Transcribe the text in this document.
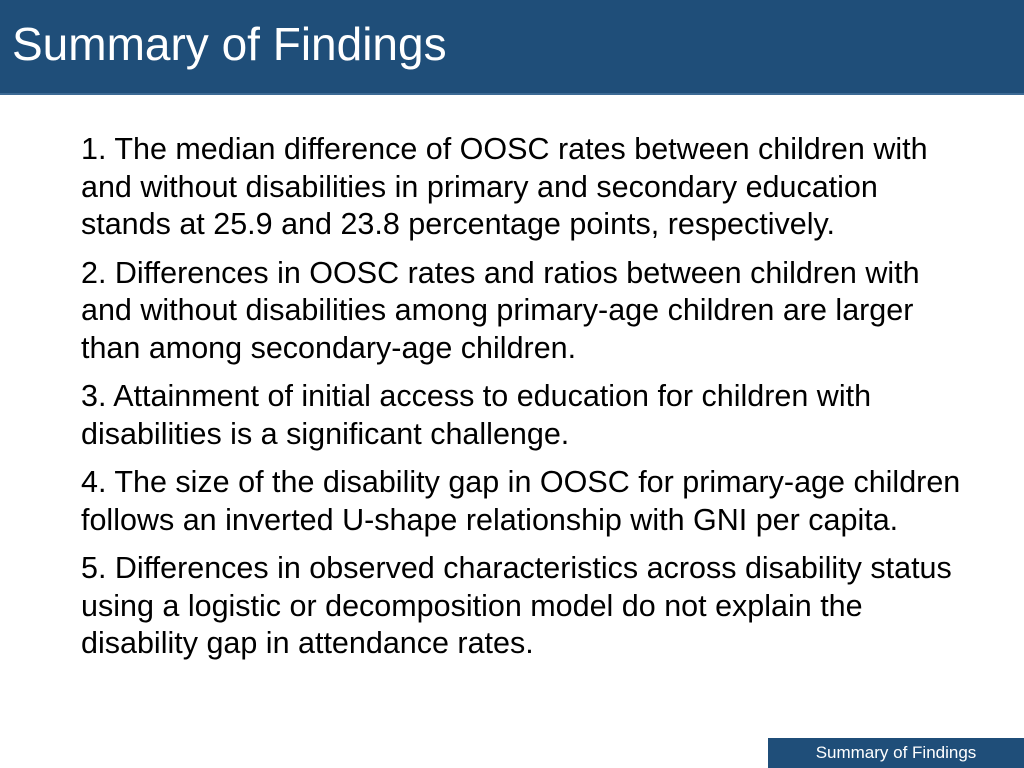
Summary of Findings
1. The median difference of OOSC rates between children with and without disabilities in primary and secondary education stands at 25.9 and 23.8 percentage points, respectively.
2. Differences in OOSC rates and ratios between children with and without disabilities among primary-age children are larger than among secondary-age children.
3. Attainment of initial access to education for children with disabilities is a significant challenge.
4. The size of the disability gap in OOSC for primary-age children follows an inverted U-shape relationship with GNI per capita.
5. Differences in observed characteristics across disability status using a logistic or decomposition model do not explain the disability gap in attendance rates.
Summary of Findings
